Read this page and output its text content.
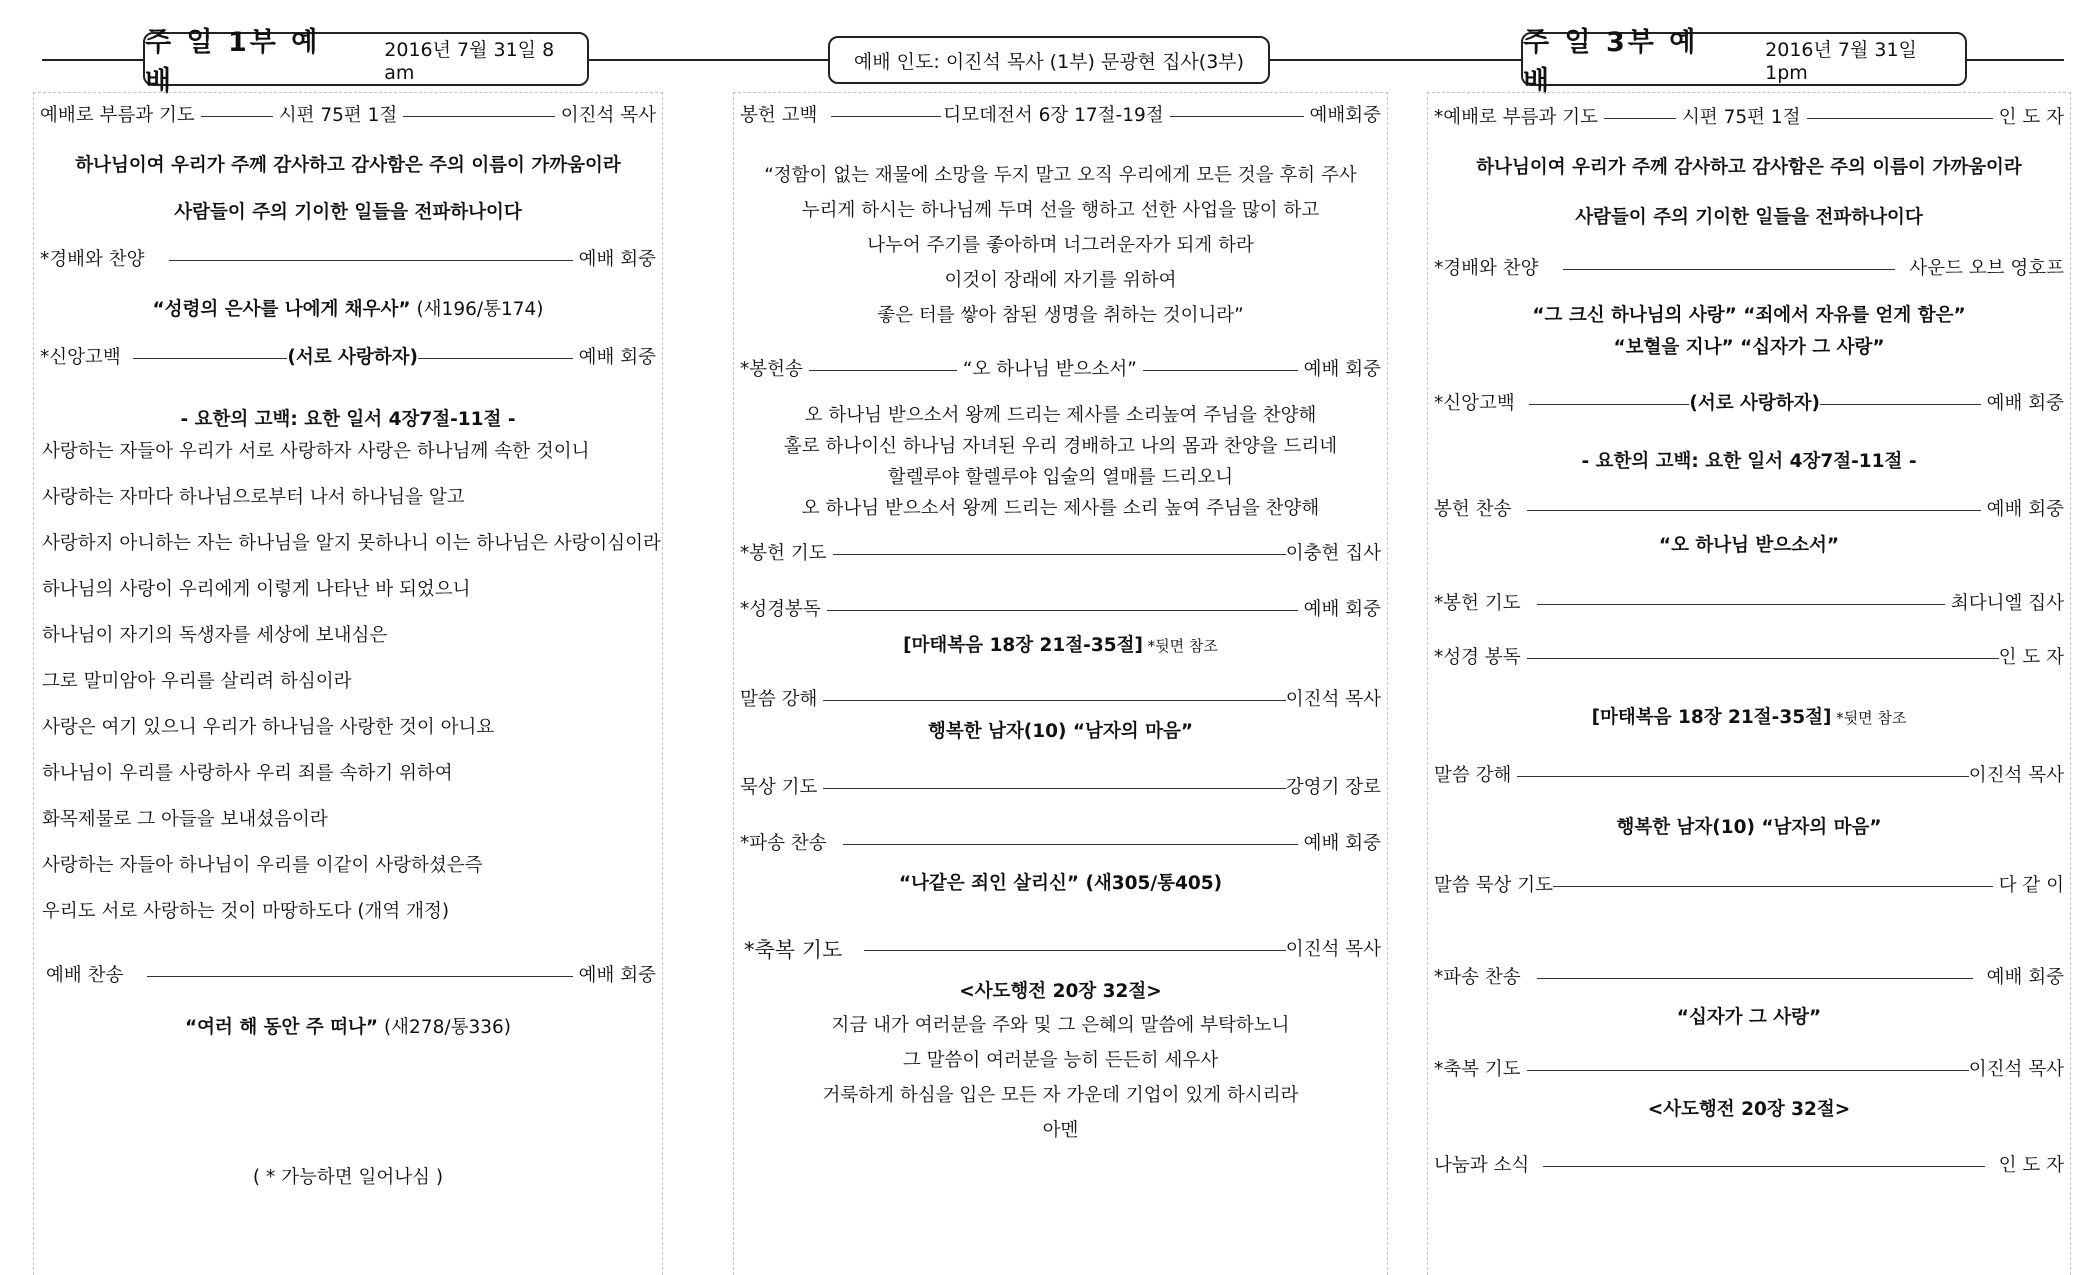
주 일 1부 예 배
2016년 7월 31일 8 am	예배 인도: 이진석 목사 (1부) 문광현 집사(3부)
주 일 3부 예 배
2016년 7월 31일 1pm
예배로 부름과 기도	시편 75편 1절	이진석 목사
하나님이여 우리가 주께 감사하고 감사함은 주의 이름이 가까움이라
사람들이 주의 기이한 일들을 전파하나이다
*경배와 찬양	예배 회중
“성령의 은사를 나에게 채우사” (새196/통174)
*신앙고백	(서로 사랑하자)	예배 회중
- 요한의 고백: 요한 일서 4장7절-11절 -
사랑하는 자들아 우리가 서로 사랑하자 사랑은 하나님께 속한 것이니
사랑하는 자마다 하나님으로부터 나서 하나님을 알고
사랑하지 아니하는 자는 하나님을 알지 못하나니 이는 하나님은 사랑이심이라
하나님의 사랑이 우리에게 이렇게 나타난 바 되었으니
하나님이 자기의 독생자를 세상에 보내심은
그로 말미암아 우리를 살리려 하심이라
사랑은 여기 있으니 우리가 하나님을 사랑한 것이 아니요
하나님이 우리를 사랑하사 우리 죄를 속하기 위하여
화목제물로 그 아들을 보내셨음이라
사랑하는 자들아 하나님이 우리를 이같이 사랑하셨은즉
우리도 서로 사랑하는 것이 마땅하도다 (개역 개정)
예배 찬송	예배 회중
“여러 해 동안 주 떠나” (새278/통336)
( * 가능하면 일어나심 )
봉헌 고백	디모데전서 6장 17절-19절	예배회중
“정함이 없는 재물에 소망을 두지 말고 오직 우리에게 모든 것을 후히 주사
누리게 하시는 하나님께 두며 선을 행하고 선한 사업을 많이 하고
나누어 주기를 좋아하며 너그러운자가 되게 하라
이것이 장래에 자기를 위하여
좋은 터를 쌓아 참된 생명을 취하는 것이니라”
*봉헌송	“오 하나님 받으소서”	예배 회중
오 하나님 받으소서 왕께 드리는 제사를 소리높여 주님을 찬양해
홀로 하나이신 하나님 자녀된 우리 경배하고 나의 몸과 찬양을 드리네
할렐루야 할렐루야 입술의 열매를 드리오니
오 하나님 받으소서 왕께 드리는 제사를 소리 높여 주님을 찬양해
*봉헌 기도	이충현 집사
*성경봉독	예배 회중
[마태복음 18장 21절-35절] *뒷면 참조
말씀 강해	이진석 목사
행복한 남자(10) “남자의 마음”
묵상 기도	강영기 장로
*파송 찬송	예배 회중
“나같은 죄인 살리신” (새305/통405)
*축복 기도	이진석 목사
<사도행전 20장 32절>
지금 내가 여러분을 주와 및 그 은혜의 말씀에 부탁하노니
그 말씀이 여러분을 능히 든든히 세우사
거룩하게 하심을 입은 모든 자 가운데 기업이 있게 하시리라
아멘
*예배로 부름과 기도	시편 75편 1절	인 도 자
하나님이여 우리가 주께 감사하고 감사함은 주의 이름이 가까움이라
사람들이 주의 기이한 일들을 전파하나이다
*경배와 찬양	사운드 오브 영호프
“그 크신 하나님의 사랑” “죄에서 자유를 얻게 함은”
“보혈을 지나” “십자가 그 사랑”
*신앙고백	(서로 사랑하자)	예배 회중
- 요한의 고백: 요한 일서 4장7절-11절 -
봉헌 찬송	예배 회중
“오 하나님 받으소서”
*봉헌 기도	최다니엘 집사
*성경 봉독	인 도 자
[마태복음 18장 21절-35절] *뒷면 참조
말씀 강해	이진석 목사
행복한 남자(10) “남자의 마음”
말씀 묵상 기도	다 같 이
*파송 찬송	예배 회중
“십자가 그 사랑”
*축복 기도	이진석 목사
<사도행전 20장 32절>
나눔과 소식	인 도 자
